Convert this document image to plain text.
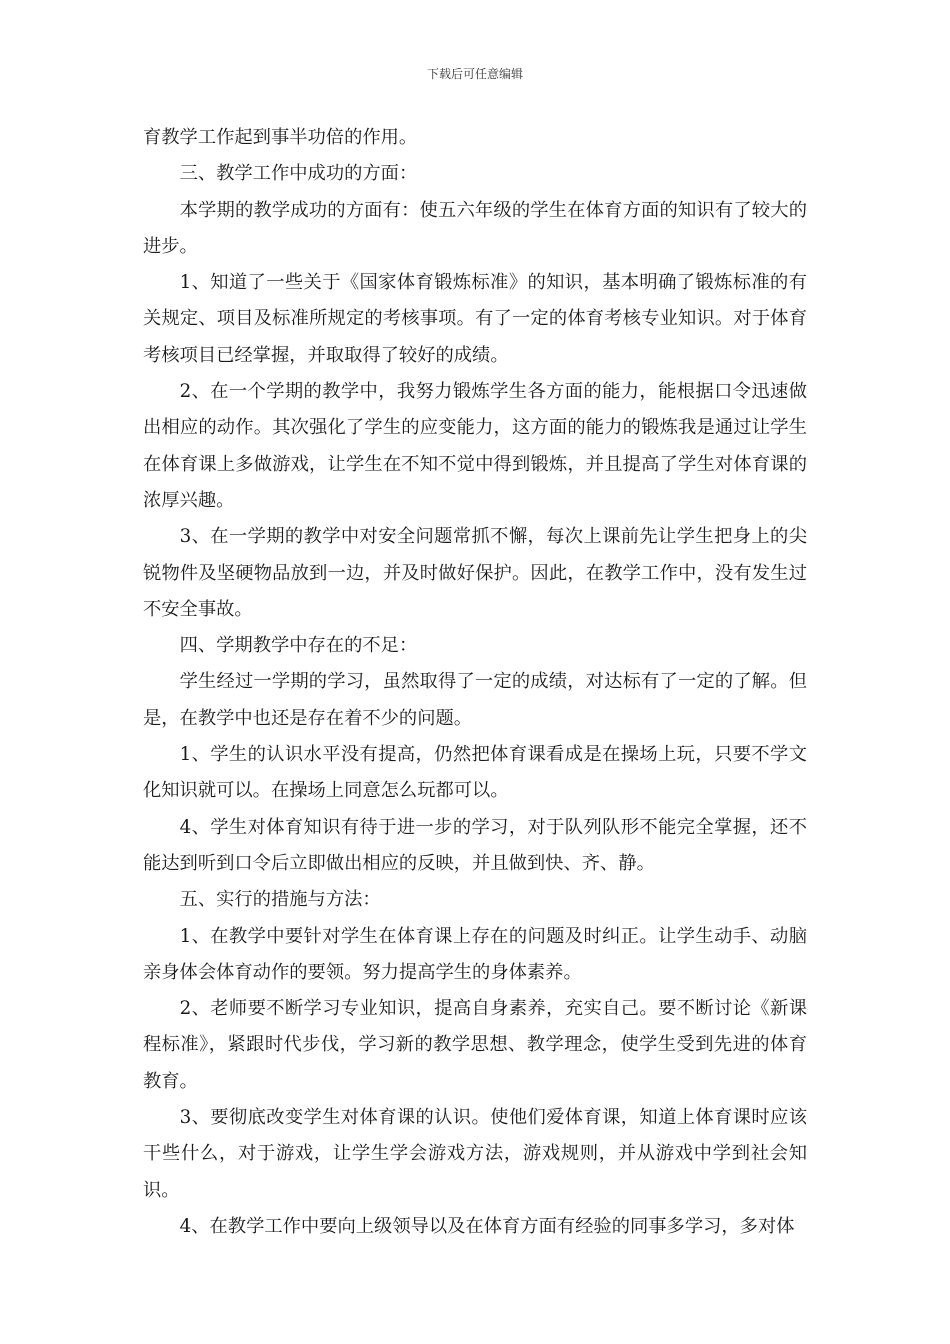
下载后可任意编辑

育教学工作起到事半功倍的作用。

三、教学工作中成功的方面：

本学期的教学成功的方面有：使五六年级的学生在体育方面的知识有了较大的进步。

1、知道了一些关于《国家体育锻炼标准》的知识，基本明确了锻炼标准的有关规定、项目及标准所规定的考核事项。有了一定的体育考核专业知识。对于体育考核项目已经掌握，并取取得了较好的成绩。

2、在一个学期的教学中，我努力锻炼学生各方面的能力，能根据口令迅速做出相应的动作。其次强化了学生的应变能力，这方面的能力的锻炼我是通过让学生在体育课上多做游戏，让学生在不知不觉中得到锻炼，并且提高了学生对体育课的浓厚兴趣。

3、在一学期的教学中对安全问题常抓不懈，每次上课前先让学生把身上的尖锐物件及坚硬物品放到一边，并及时做好保护。因此，在教学工作中，没有发生过不安全事故。

四、学期教学中存在的不足：

学生经过一学期的学习，虽然取得了一定的成绩，对达标有了一定的了解。但是，在教学中也还是存在着不少的问题。

1、学生的认识水平没有提高，仍然把体育课看成是在操场上玩，只要不学文化知识就可以。在操场上同意怎么玩都可以。

4、学生对体育知识有待于进一步的学习，对于队列队形不能完全掌握，还不能达到听到口令后立即做出相应的反映，并且做到快、齐、静。

五、实行的措施与方法：

1、在教学中要针对学生在体育课上存在的问题及时纠正。让学生动手、动脑亲身体会体育动作的要领。努力提高学生的身体素养。

2、老师要不断学习专业知识，提高自身素养，充实自己。要不断讨论《新课程标准》，紧跟时代步伐，学习新的教学思想、教学理念，使学生受到先进的体育教育。

3、要彻底改变学生对体育课的认识。使他们爱体育课，知道上体育课时应该干些什么，对于游戏，让学生学会游戏方法，游戏规则，并从游戏中学到社会知识。

4、在教学工作中要向上级领导以及在体育方面有经验的同事多学习，多对体
